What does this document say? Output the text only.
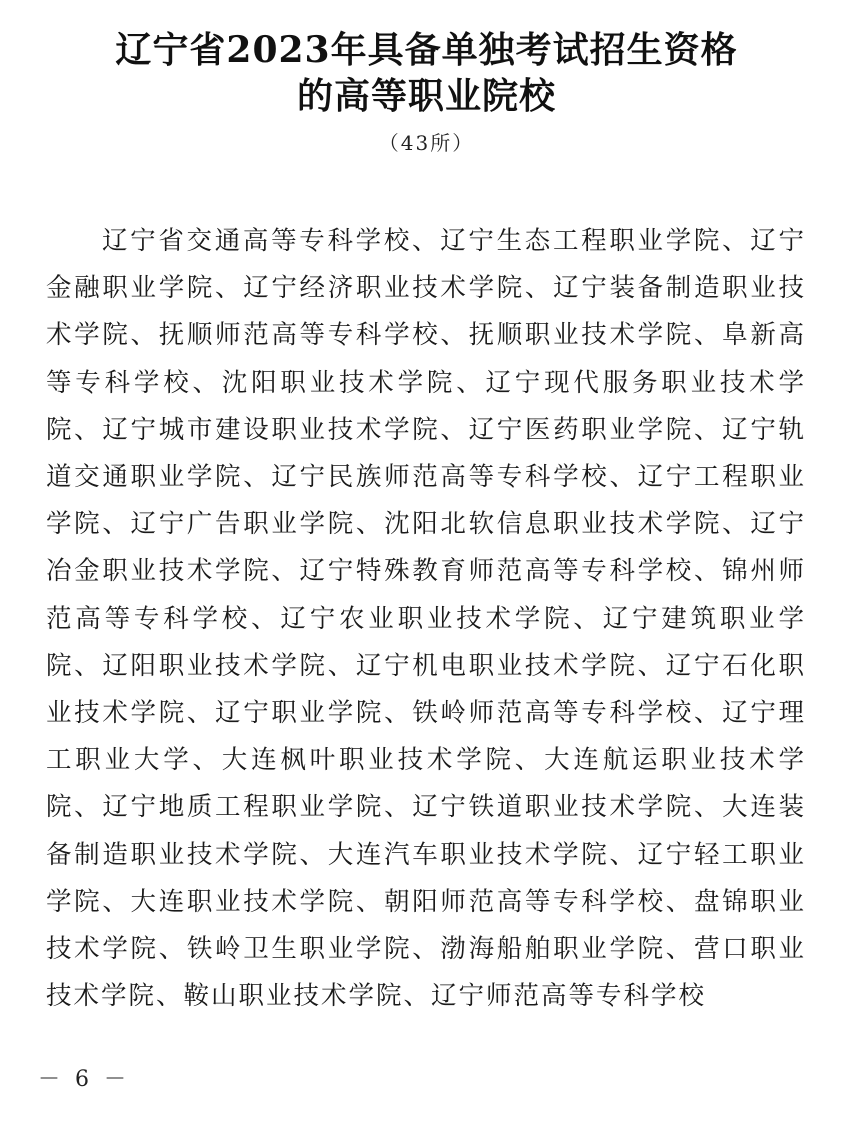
辽宁省2023年具备单独考试招生资格
的高等职业院校
（43所）

辽宁省交通高等专科学校、辽宁生态工程职业学院、辽宁金融职业学院、辽宁经济职业技术学院、辽宁装备制造职业技术学院、抚顺师范高等专科学校、抚顺职业技术学院、阜新高等专科学校、沈阳职业技术学院、辽宁现代服务职业技术学院、辽宁城市建设职业技术学院、辽宁医药职业学院、辽宁轨道交通职业学院、辽宁民族师范高等专科学校、辽宁工程职业学院、辽宁广告职业学院、沈阳北软信息职业技术学院、辽宁冶金职业技术学院、辽宁特殊教育师范高等专科学校、锦州师范高等专科学校、辽宁农业职业技术学院、辽宁建筑职业学院、辽阳职业技术学院、辽宁机电职业技术学院、辽宁石化职业技术学院、辽宁职业学院、铁岭师范高等专科学校、辽宁理工职业大学、大连枫叶职业技术学院、大连航运职业技术学院、辽宁地质工程职业学院、辽宁铁道职业技术学院、大连装备制造职业技术学院、大连汽车职业技术学院、辽宁轻工职业学院、大连职业技术学院、朝阳师范高等专科学校、盘锦职业技术学院、铁岭卫生职业学院、渤海船舶职业学院、营口职业技术学院、鞍山职业技术学院、辽宁师范高等专科学校

－ 6 －
